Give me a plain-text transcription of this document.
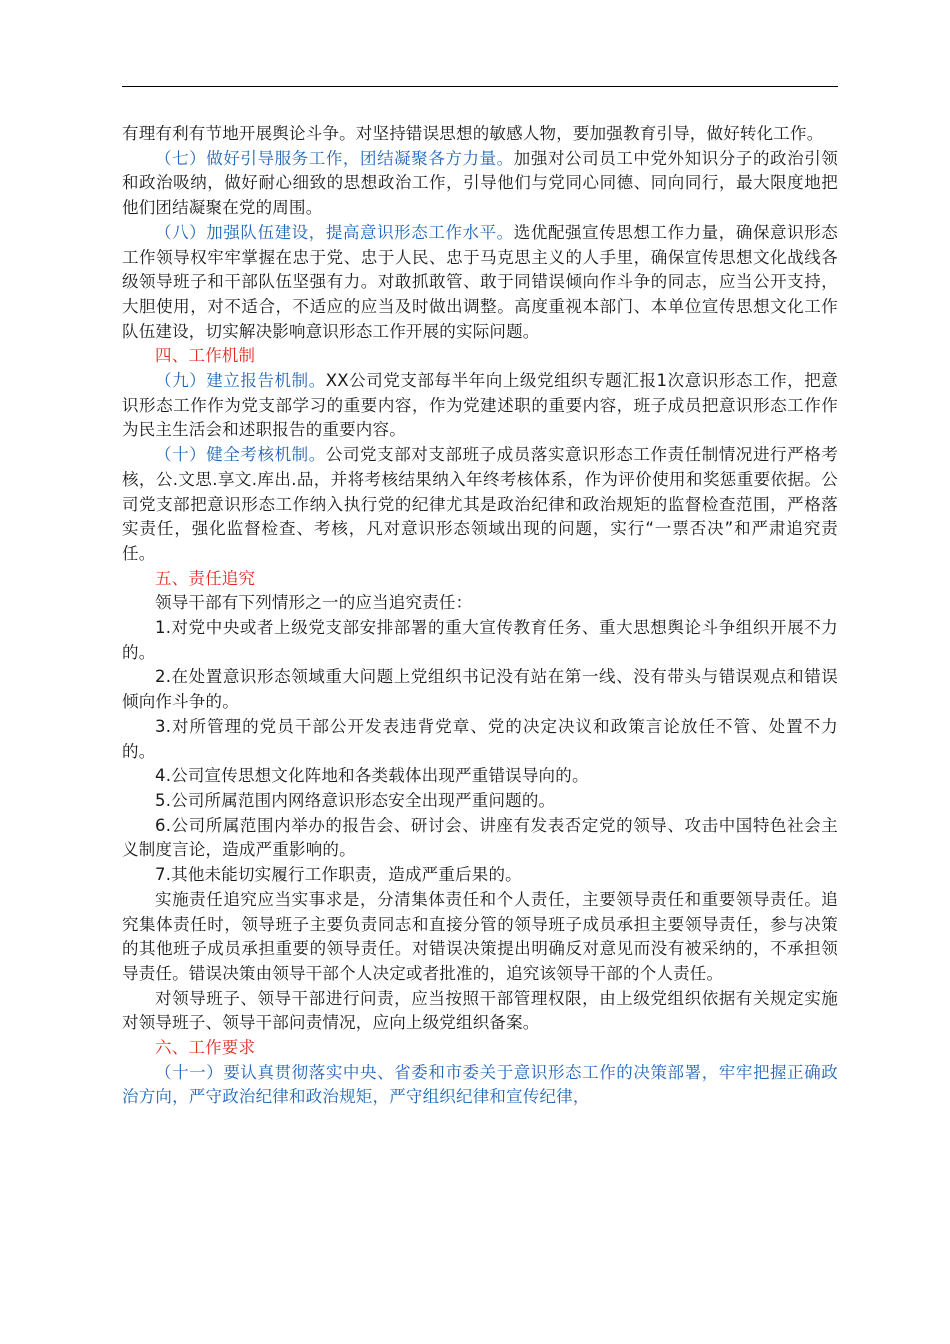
有理有利有节地开展舆论斗争。对坚持错误思想的敏感人物，要加强教育引导，做好转化工作。

（七）做好引导服务工作，团结凝聚各方力量。加强对公司员工中党外知识分子的政治引领和政治吸纳，做好耐心细致的思想政治工作，引导他们与党同心同德、同向同行，最大限度地把他们团结凝聚在党的周围。

（八）加强队伍建设，提高意识形态工作水平。选优配强宣传思想工作力量，确保意识形态工作领导权牢牢掌握在忠于党、忠于人民、忠于马克思主义的人手里，确保宣传思想文化战线各级领导班子和干部队伍坚强有力。对敢抓敢管、敢于同错误倾向作斗争的同志，应当公开支持，大胆使用，对不适合，不适应的应当及时做出调整。高度重视本部门、本单位宣传思想文化工作队伍建设，切实解决影响意识形态工作开展的实际问题。

四、工作机制

（九）建立报告机制。XX公司党支部每半年向上级党组织专题汇报1次意识形态工作，把意识形态工作作为党支部学习的重要内容，作为党建述职的重要内容，班子成员把意识形态工作作为民主生活会和述职报告的重要内容。

（十）健全考核机制。公司党支部对支部班子成员落实意识形态工作责任制情况进行严格考核，公.文思.享文.库出.品，并将考核结果纳入年终考核体系，作为评价使用和奖惩重要依据。公司党支部把意识形态工作纳入执行党的纪律尤其是政治纪律和政治规矩的监督检查范围，严格落实责任，强化监督检查、考核，凡对意识形态领域出现的问题，实行“一票否决”和严肃追究责任。

五、责任追究

领导干部有下列情形之一的应当追究责任：

1.对党中央或者上级党支部安排部署的重大宣传教育任务、重大思想舆论斗争组织开展不力的。

2.在处置意识形态领域重大问题上党组织书记没有站在第一线、没有带头与错误观点和错误倾向作斗争的。

3.对所管理的党员干部公开发表违背党章、党的决定决议和政策言论放任不管、处置不力的。

4.公司宣传思想文化阵地和各类载体出现严重错误导向的。

5.公司所属范围内网络意识形态安全出现严重问题的。

6.公司所属范围内举办的报告会、研讨会、讲座有发表否定党的领导、攻击中国特色社会主义制度言论，造成严重影响的。

7.其他未能切实履行工作职责，造成严重后果的。

实施责任追究应当实事求是，分清集体责任和个人责任，主要领导责任和重要领导责任。追究集体责任时，领导班子主要负责同志和直接分管的领导班子成员承担主要领导责任，参与决策的其他班子成员承担重要的领导责任。对错误决策提出明确反对意见而没有被采纳的，不承担领导责任。错误决策由领导干部个人决定或者批准的，追究该领导干部的个人责任。

对领导班子、领导干部进行问责，应当按照干部管理权限，由上级党组织依据有关规定实施对领导班子、领导干部问责情况，应向上级党组织备案。

六、工作要求

（十一）要认真贯彻落实中央、省委和市委关于意识形态工作的决策部署，牢牢把握正确政治方向，严守政治纪律和政治规矩，严守组织纪律和宣传纪律，
